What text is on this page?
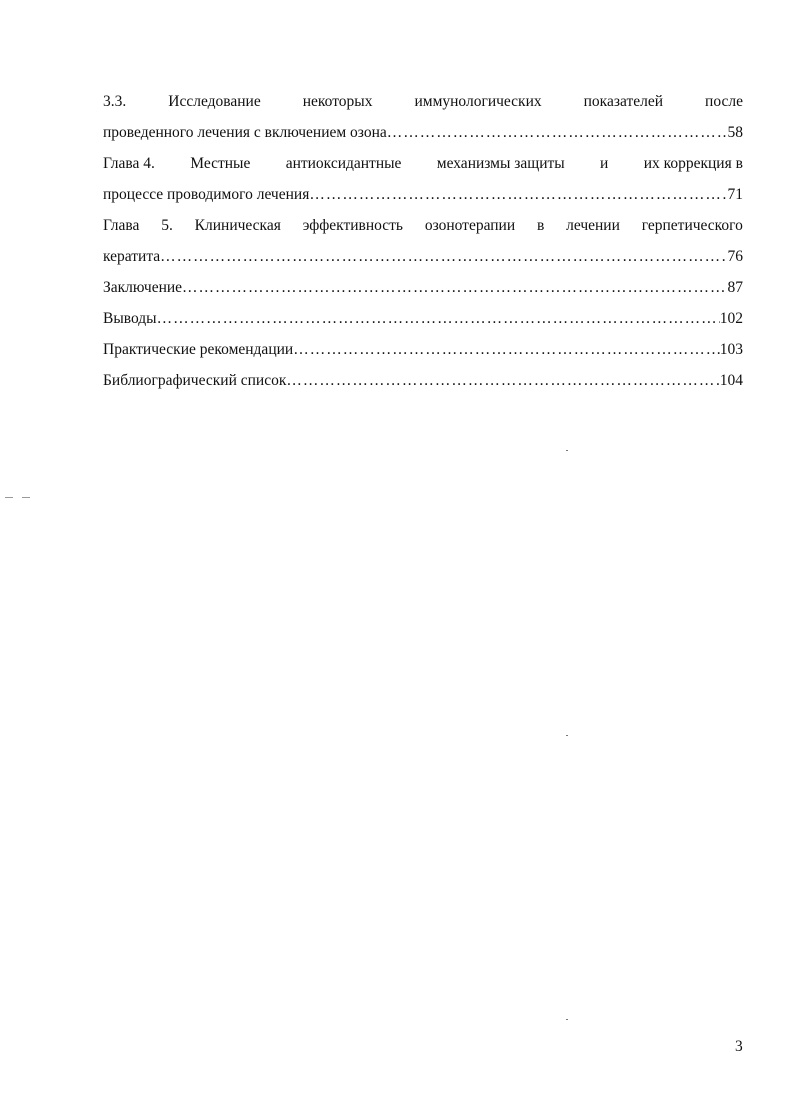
3.3.	Исследование	некоторых	иммунологических	показателей	после
проведенного лечения с включением озона ……………………………………………………………………………………………………………………………………………………………………………	58
Глава 4. Местные антиоксидантные механизмы защиты и их коррекция в
процессе проводимого лечения ……………………………………………………………………………………………………………………………………………………………………………	71
Глава 5. Клиническая эффективность озонотерапии в лечении герпетического
кератита ……………………………………………………………………………………………………………………………………………………………………………	76
Заключение ……………………………………………………………………………………………………………………………………………………………………………	87
Выводы ……………………………………………………………………………………………………………………………………………………………………………	102
Практические рекомендации ……………………………………………………………………………………………………………………………………………………………………………	103
Библиографический список ……………………………………………………………………………………………………………………………………………………………………………	104
3
